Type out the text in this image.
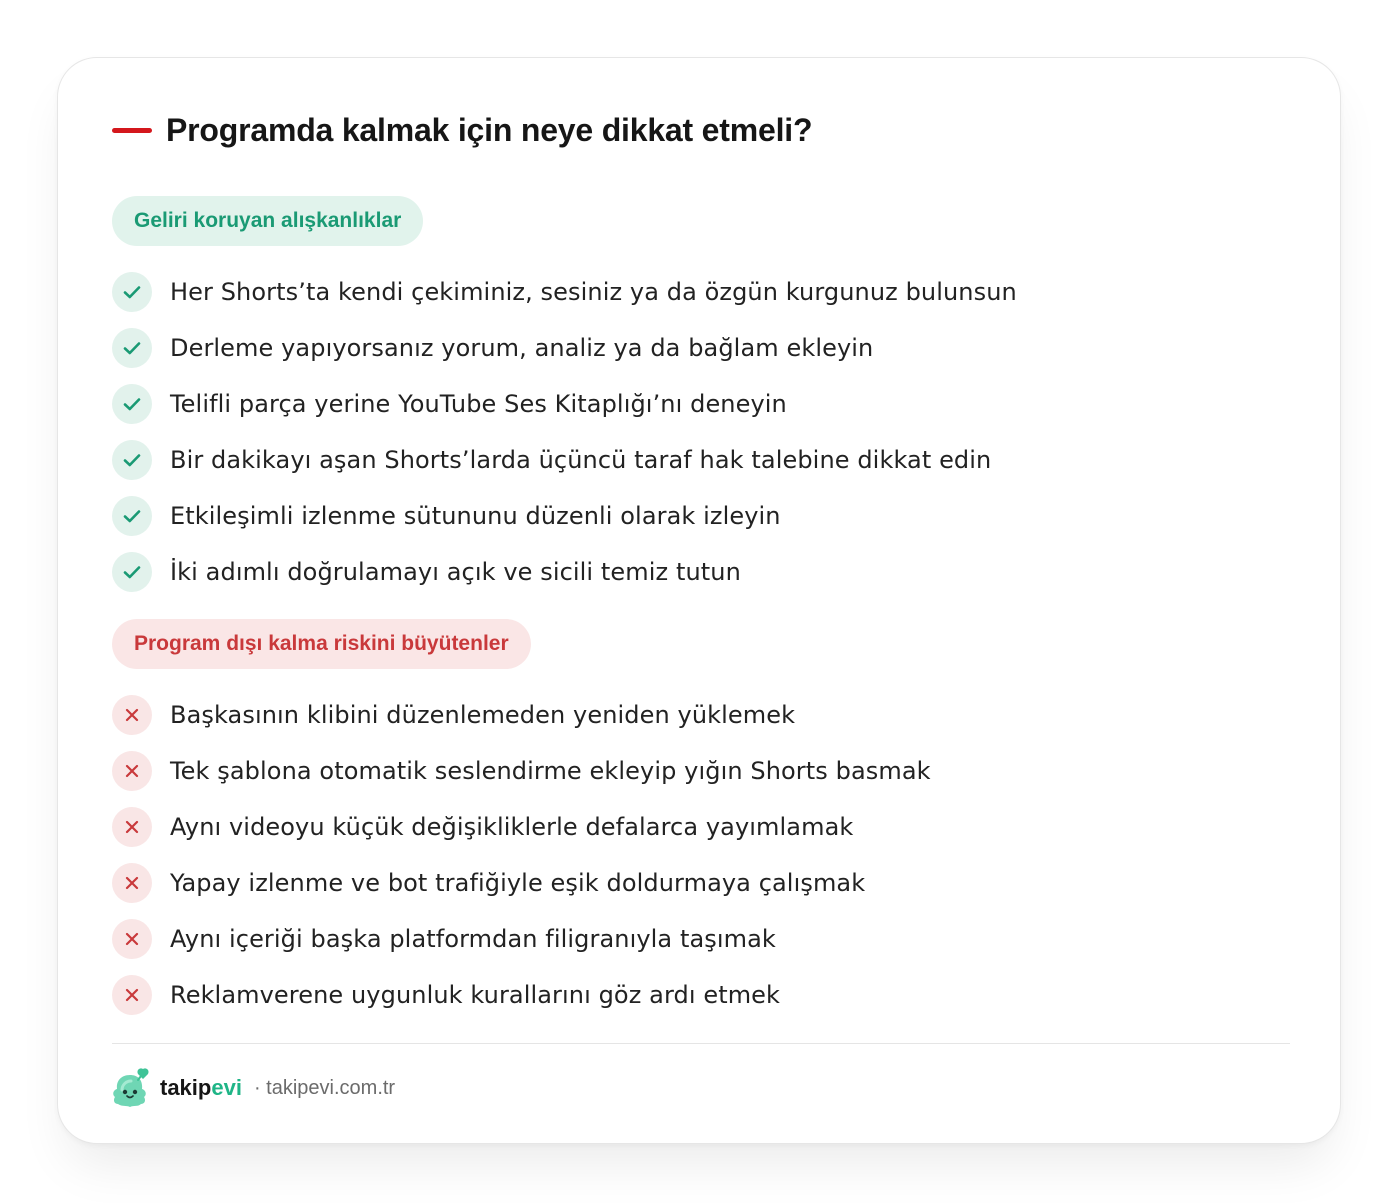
Programda kalmak için neye dikkat etmeli?
Geliri koruyan alışkanlıklar
Her Shorts’ta kendi çekiminiz, sesiniz ya da özgün kurgunuz bulunsun
Derleme yapıyorsanız yorum, analiz ya da bağlam ekleyin
Telifli parça yerine YouTube Ses Kitaplığı’nı deneyin
Bir dakikayı aşan Shorts’larda üçüncü taraf hak talebine dikkat edin
Etkileşimli izlenme sütununu düzenli olarak izleyin
İki adımlı doğrulamayı açık ve sicili temiz tutun
Program dışı kalma riskini büyütenler
Başkasının klibini düzenlemeden yeniden yüklemek
Tek şablona otomatik seslendirme ekleyip yığın Shorts basmak
Aynı videoyu küçük değişikliklerle defalarca yayımlamak
Yapay izlenme ve bot trafiğiyle eşik doldurmaya çalışmak
Aynı içeriği başka platformdan filigranıyla taşımak
Reklamverene uygunluk kurallarını göz ardı etmek
takipevi · takipevi.com.tr
